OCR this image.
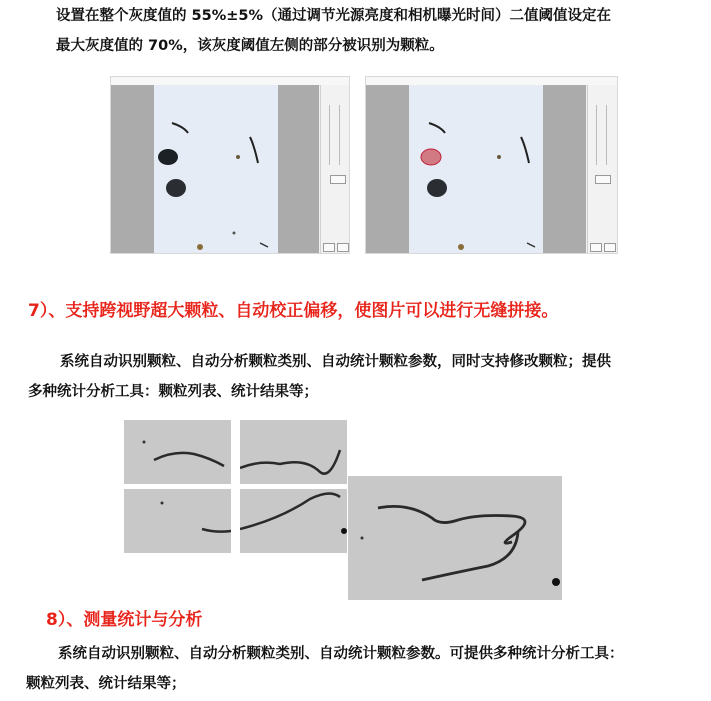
设置在整个灰度值的 55%±5%（通过调节光源亮度和相机曝光时间）二值阈值设定在
最大灰度值的 70%，该灰度阈值左侧的部分被识别为颗粒。
7）、支持跨视野超大颗粒、自动校正偏移，使图片可以进行无缝拼接。
系统自动识别颗粒、自动分析颗粒类别、自动统计颗粒参数，同时支持修改颗粒；提供
多种统计分析工具：颗粒列表、统计结果等；
8）、测量统计与分析
系统自动识别颗粒、自动分析颗粒类别、自动统计颗粒参数。可提供多种统计分析工具：
颗粒列表、统计结果等；
